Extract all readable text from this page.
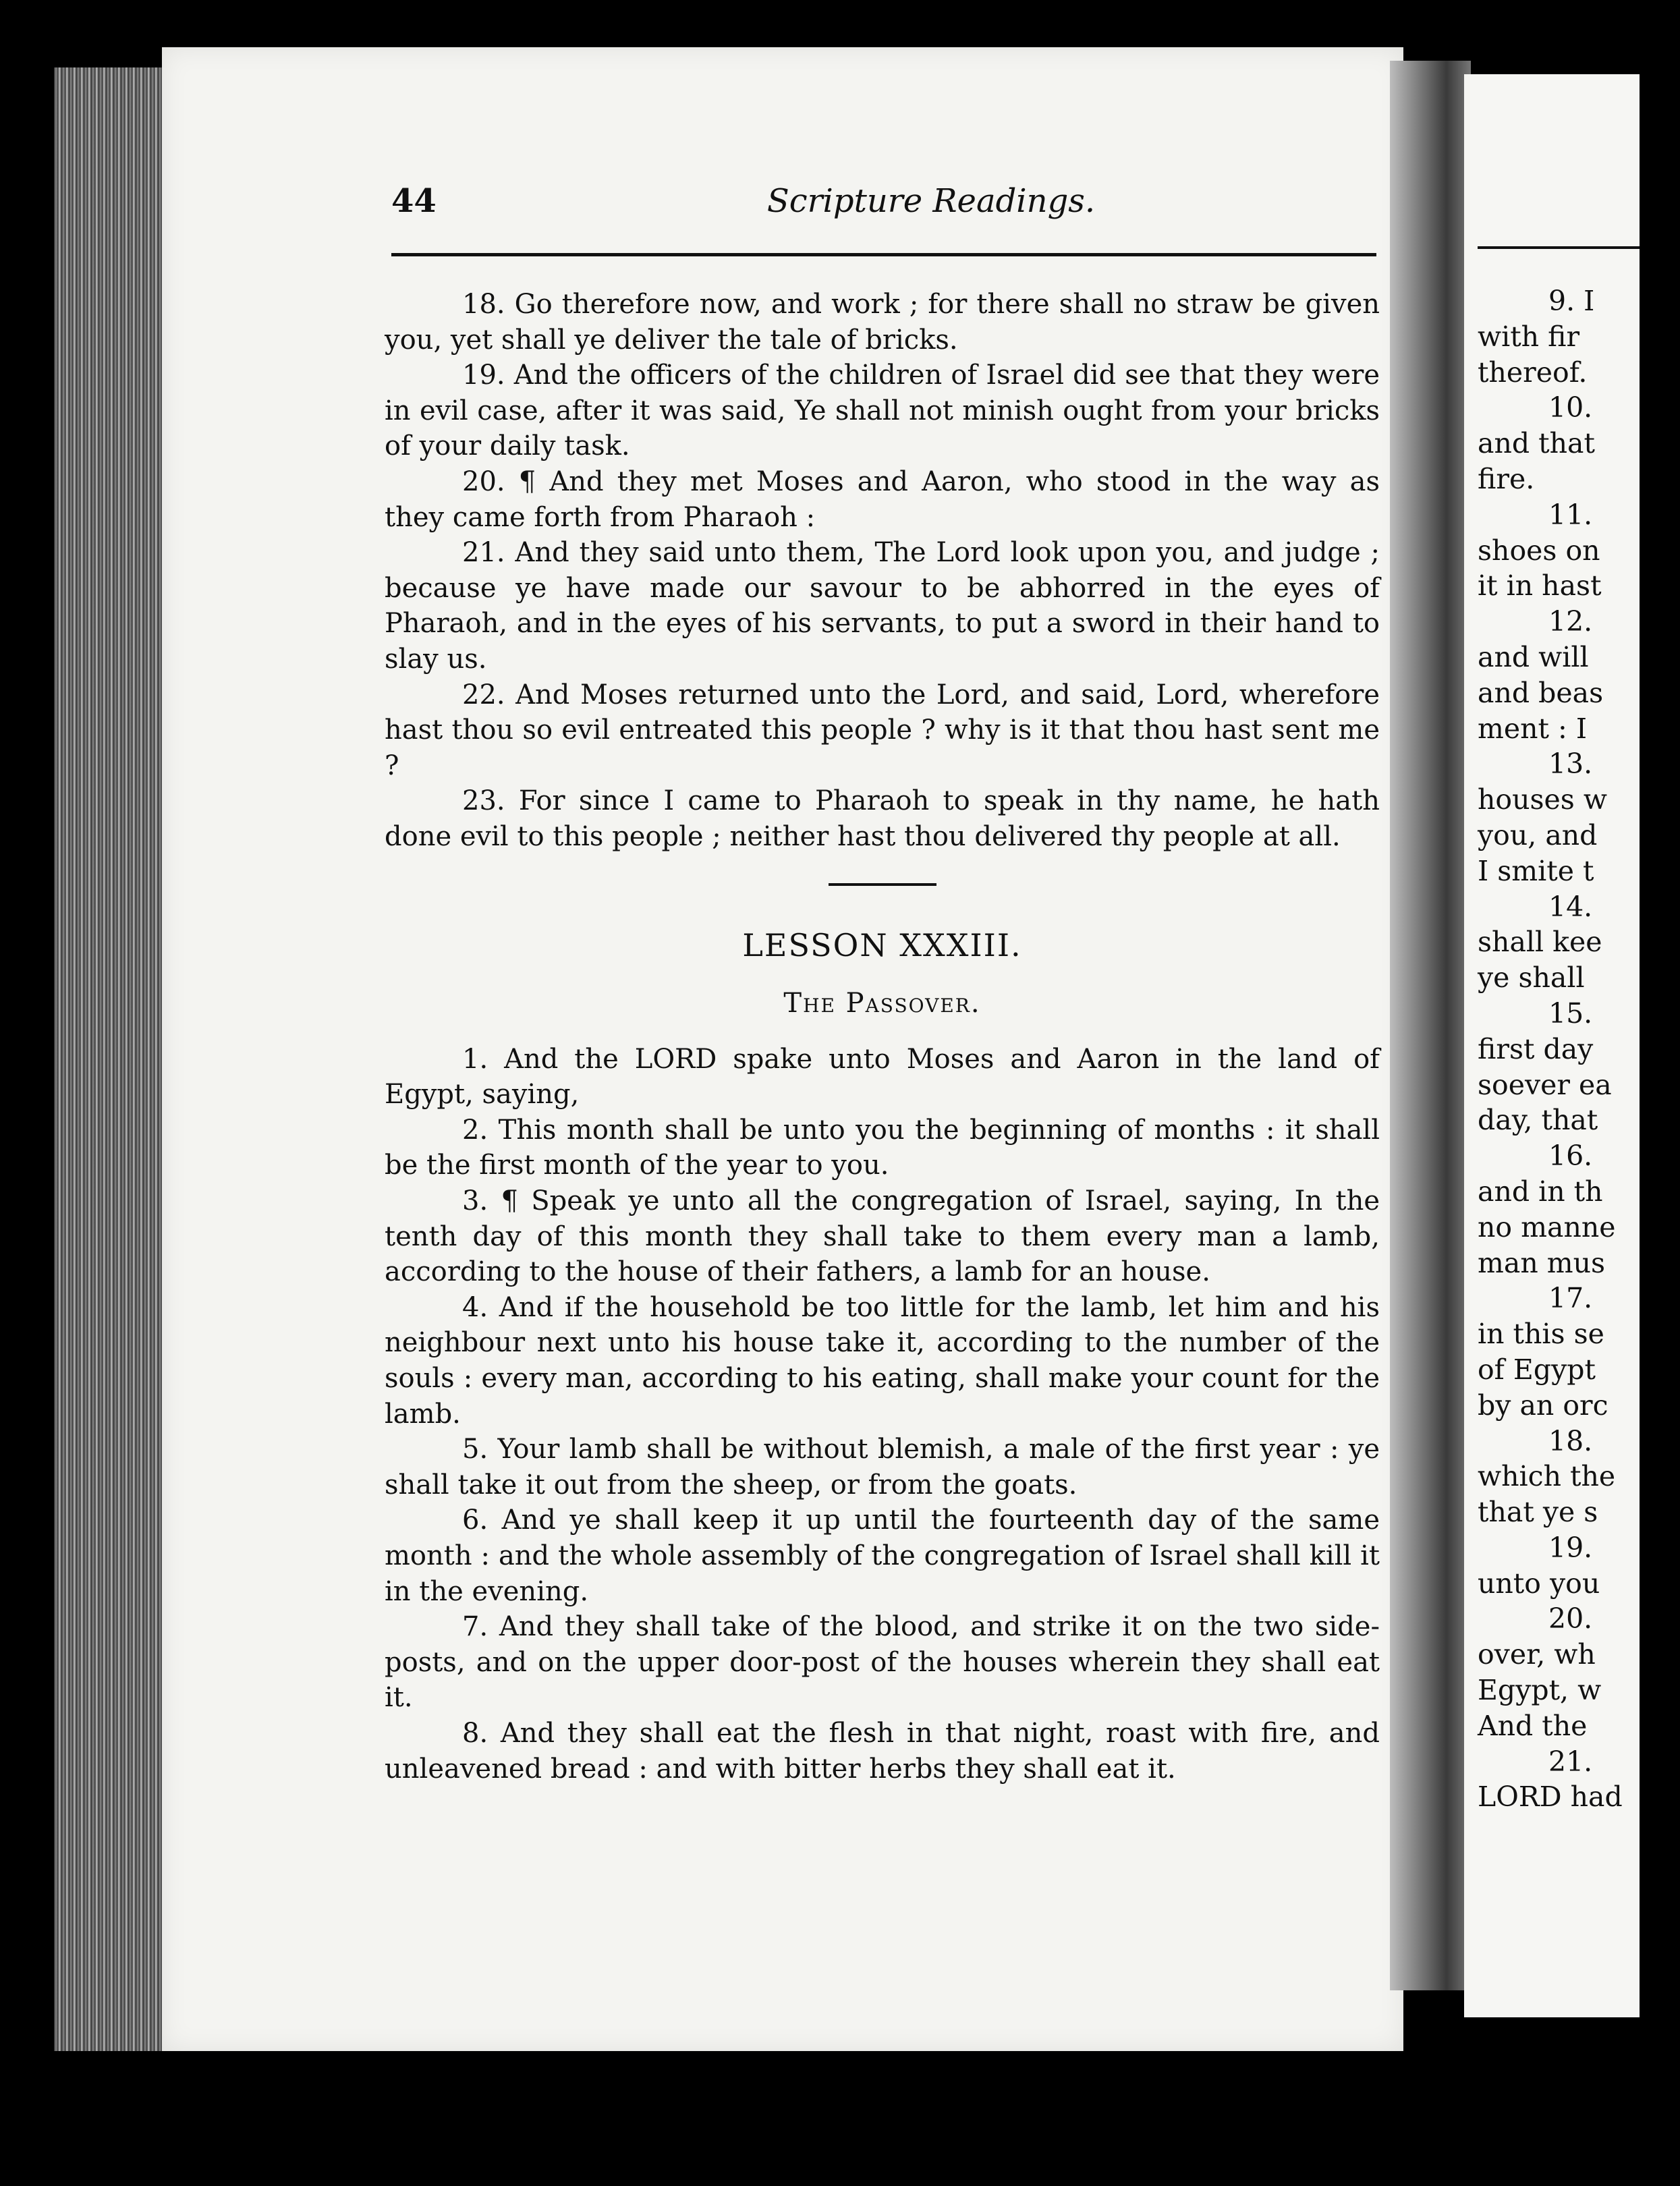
9. I
with fir
thereof.
10.
and that
fire.
11.
shoes on
it in hast
12.
and will
and beas
ment : I
13.
houses w
you, and
I smite t
14.
shall kee
ye shall
15.
first day
soever ea
day, that
16.
and in th
no manne
man mus
17.
in this se
of Egypt
by an orc
18.
which the
that ye s
19.
unto you
20.
over, wh
Egypt, w
And the
21.
LORD had
44	Scripture Readings.

18. Go therefore now, and work ; for there shall no straw be given you, yet shall ye deliver the tale of bricks.

19. And the officers of the children of Israel did see that they were in evil case, after it was said, Ye shall not minish ought from your bricks of your daily task.

20. ¶ And they met Moses and Aaron, who stood in the way as they came forth from Pharaoh :

21. And they said unto them, The Lord look upon you, and judge ; because ye have made our savour to be abhorred in the eyes of Pharaoh, and in the eyes of his servants, to put a sword in their hand to slay us.

22. And Moses returned unto the Lord, and said, Lord, wherefore hast thou so evil entreated this people ? why is it that thou hast sent me ?

23. For since I came to Pharaoh to speak in thy name, he hath done evil to this people ; neither hast thou delivered thy people at all.

LESSON XXXIII.
The Passover.

1. And the LORD spake unto Moses and Aaron in the land of Egypt, saying,

2. This month shall be unto you the beginning of months : it shall be the first month of the year to you.

3. ¶ Speak ye unto all the congregation of Israel, saying, In the tenth day of this month they shall take to them every man a lamb, according to the house of their fathers, a lamb for an house.

4. And if the household be too little for the lamb, let him and his neighbour next unto his house take it, according to the number of the souls : every man, according to his eating, shall make your count for the lamb.

5. Your lamb shall be without blemish, a male of the first year : ye shall take it out from the sheep, or from the goats.

6. And ye shall keep it up until the fourteenth day of the same month : and the whole assembly of the congregation of Israel shall kill it in the evening.

7. And they shall take of the blood, and strike it on the two side-posts, and on the upper door-post of the houses wherein they shall eat it.

8. And they shall eat the flesh in that night, roast with fire, and unleavened bread : and with bitter herbs they shall eat it.
